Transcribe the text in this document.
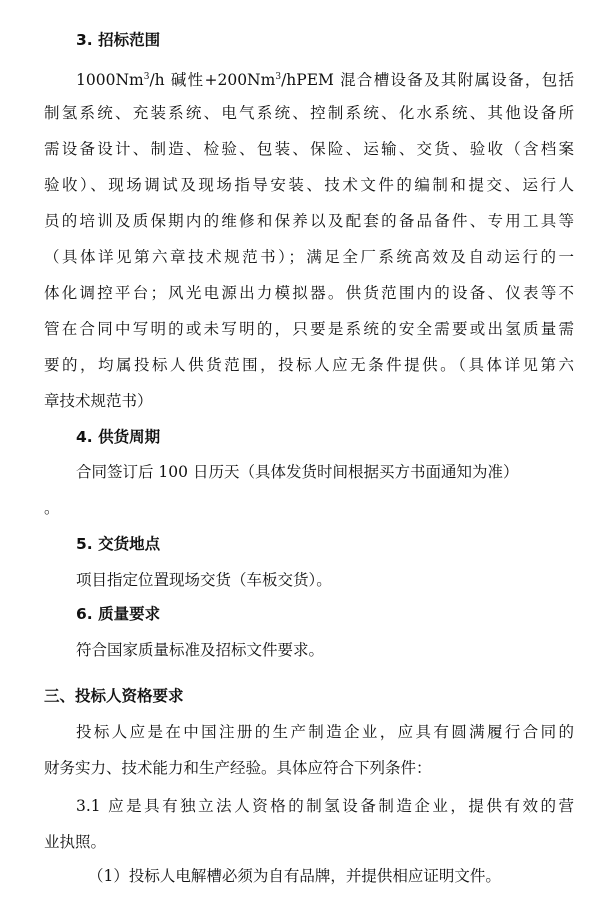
3. 招标范围
1000Nm$^3$/h 碱性$+200Nm^3$/hPEM 混合槽设备及其附属设备，包括
制氢系统、充装系统、电气系统、控制系统、化水系统、其他设备所
需设备设计、制造、检验、包装、保险、运输、交货、验收（含档案
验收）、现场调试及现场指导安装、技术文件的编制和提交、运行人
员的培训及质保期内的维修和保养以及配套的备品备件、专用工具等
（具体详见第六章技术规范书）；满足全厂系统高效及自动运行的一
体化调控平台；风光电源出力模拟器。供货范围内的设备、仪表等不
管在合同中写明的或未写明的，只要是系统的安全需要或出氢质量需
要的，均属投标人供货范围，投标人应无条件提供。（具体详见第六
章技术规范书）
4. 供货周期
合同签订后 100 日历天（具体发货时间根据买方书面通知为准）
。
5. 交货地点
项目指定位置现场交货（车板交货）。
6. 质量要求
符合国家质量标准及招标文件要求。
三、投标人资格要求
投标人应是在中国注册的生产制造企业，应具有圆满履行合同的
财务实力、技术能力和生产经验。具体应符合下列条件：
3.1 应是具有独立法人资格的制氢设备制造企业，提供有效的营
业执照。
（1）投标人电解槽必须为自有品牌，并提供相应证明文件。
